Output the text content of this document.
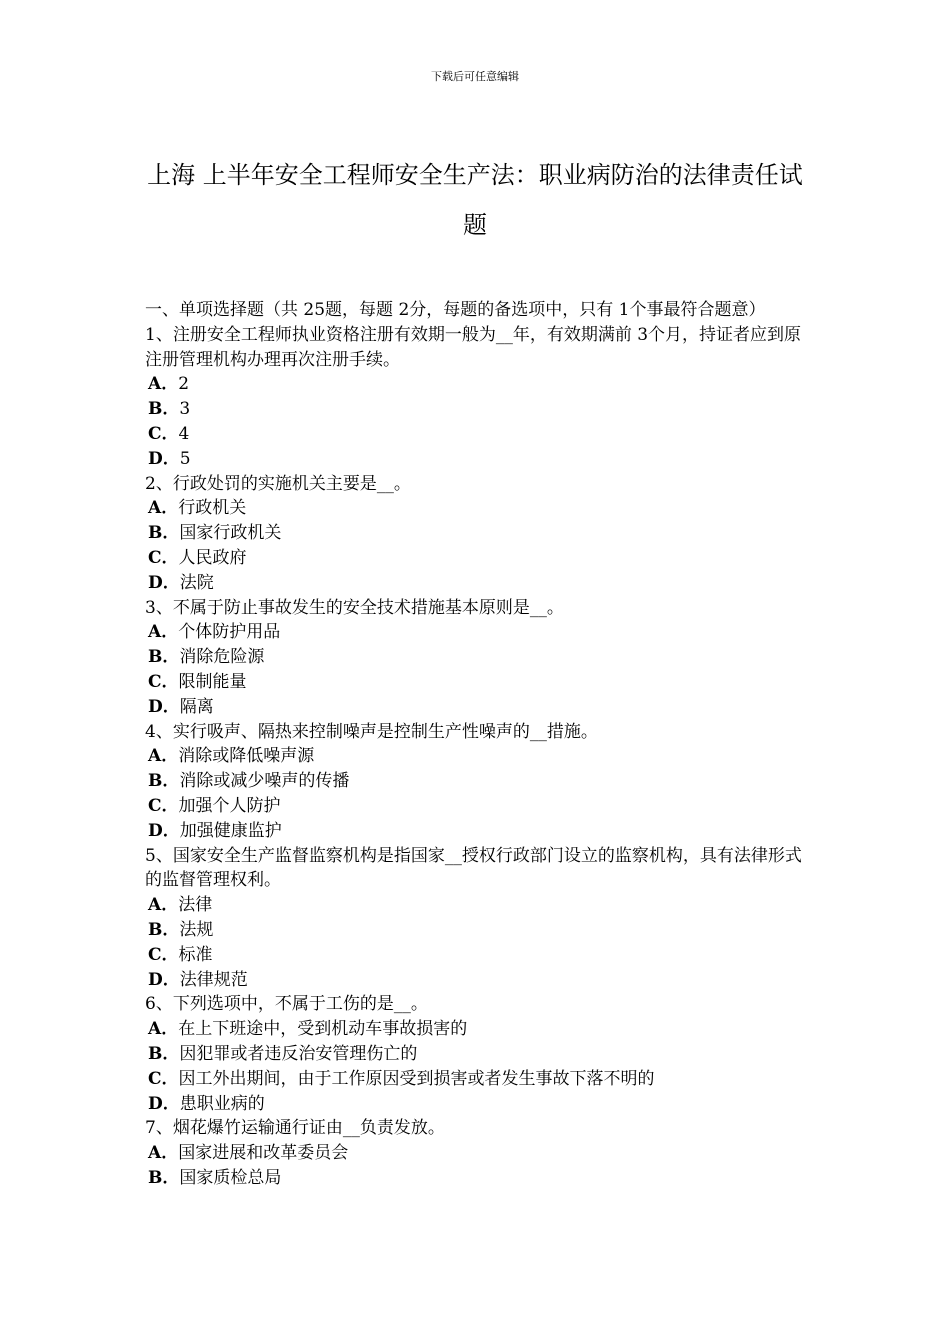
下载后可任意编辑
上海 上半年安全工程师安全生产法：职业病防治的法律责任试题

一、单项选择题（共 25题，每题 2分，每题的备选项中，只有 1个事最符合题意）

1、注册安全工程师执业资格注册有效期一般为__年，有效期满前 3个月，持证者应到原注册管理机构办理再次注册手续。

A．2

B．3

C．4

D．5

2、行政处罚的实施机关主要是__。

A．行政机关

B．国家行政机关

C．人民政府

D．法院

3、不属于防止事故发生的安全技术措施基本原则是__。

A．个体防护用品

B．消除危险源

C．限制能量

D．隔离

4、实行吸声、隔热来控制噪声是控制生产性噪声的__措施。

A．消除或降低噪声源

B．消除或减少噪声的传播

C．加强个人防护

D．加强健康监护

5、国家安全生产监督监察机构是指国家__授权行政部门设立的监察机构，具有法律形式的监督管理权利。

A．法律

B．法规

C．标准

D．法律规范

6、下列选项中，不属于工伤的是__。

A．在上下班途中，受到机动车事故损害的

B．因犯罪或者违反治安管理伤亡的

C．因工外出期间，由于工作原因受到损害或者发生事故下落不明的

D．患职业病的

7、烟花爆竹运输通行证由__负责发放。

A．国家进展和改革委员会

B．国家质检总局
